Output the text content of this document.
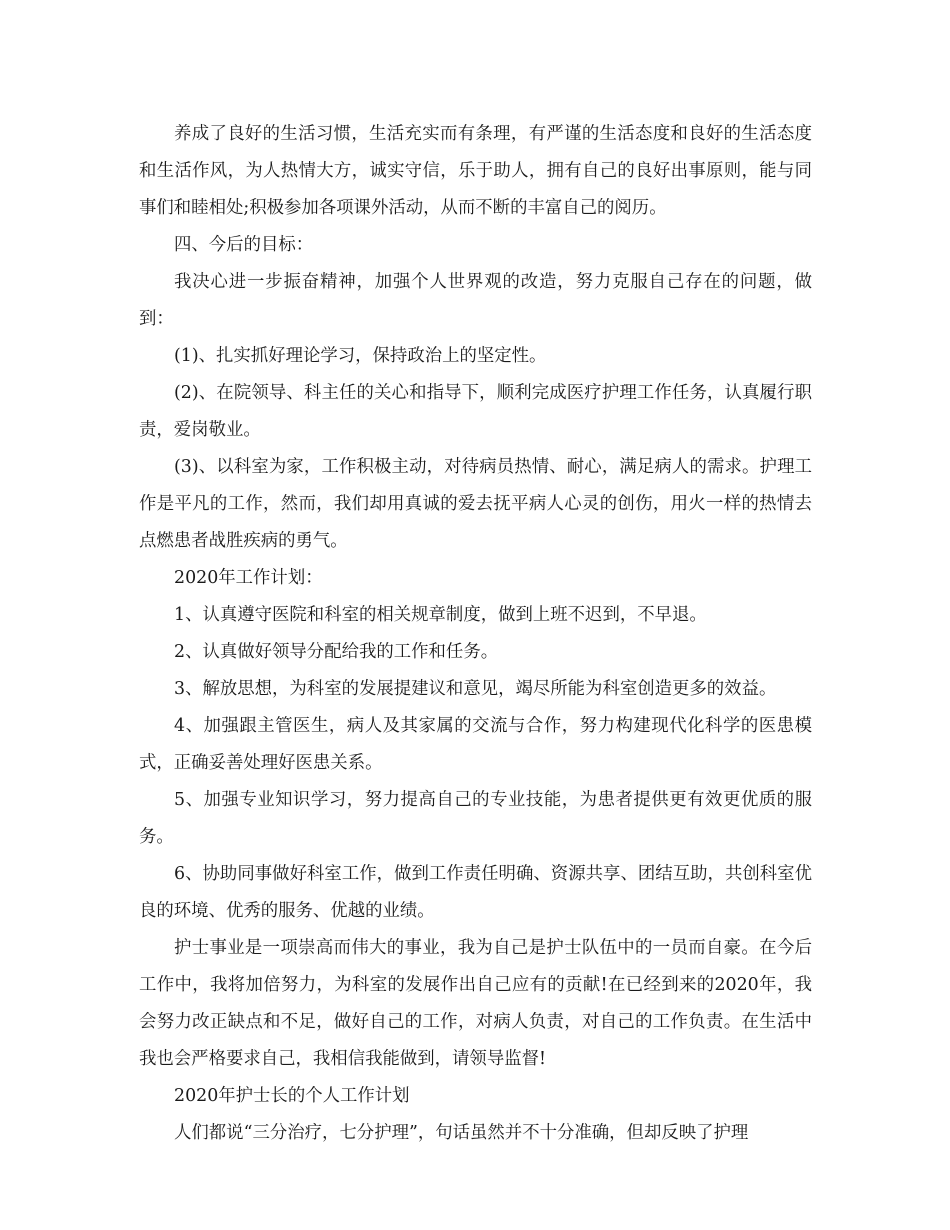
养成了良好的生活习惯，生活充实而有条理，有严谨的生活态度和良好的生活态度和生活作风，为人热情大方，诚实守信，乐于助人，拥有自己的良好出事原则，能与同事们和睦相处;积极参加各项课外活动，从而不断的丰富自己的阅历。

四、今后的目标：

我决心进一步振奋精神，加强个人世界观的改造，努力克服自己存在的问题，做到：

(1)、扎实抓好理论学习，保持政治上的坚定性。

(2)、在院领导、科主任的关心和指导下，顺利完成医疗护理工作任务，认真履行职责，爱岗敬业。

(3)、以科室为家，工作积极主动，对待病员热情、耐心，满足病人的需求。护理工作是平凡的工作，然而，我们却用真诚的爱去抚平病人心灵的创伤，用火一样的热情去点燃患者战胜疾病的勇气。

2020年工作计划：

1、认真遵守医院和科室的相关规章制度，做到上班不迟到，不早退。

2、认真做好领导分配给我的工作和任务。

3、解放思想，为科室的发展提建议和意见，竭尽所能为科室创造更多的效益。

4、加强跟主管医生，病人及其家属的交流与合作，努力构建现代化科学的医患模式，正确妥善处理好医患关系。

5、加强专业知识学习，努力提高自己的专业技能，为患者提供更有效更优质的服务。

6、协助同事做好科室工作，做到工作责任明确、资源共享、团结互助，共创科室优良的环境、优秀的服务、优越的业绩。

护士事业是一项崇高而伟大的事业，我为自己是护士队伍中的一员而自豪。在今后工作中，我将加倍努力，为科室的发展作出自己应有的贡献!在已经到来的2020年，我会努力改正缺点和不足，做好自己的工作，对病人负责，对自己的工作负责。在生活中我也会严格要求自己，我相信我能做到，请领导监督!

2020年护士长的个人工作计划

人们都说“三分治疗，七分护理”，句话虽然并不十分准确，但却反映了护理
